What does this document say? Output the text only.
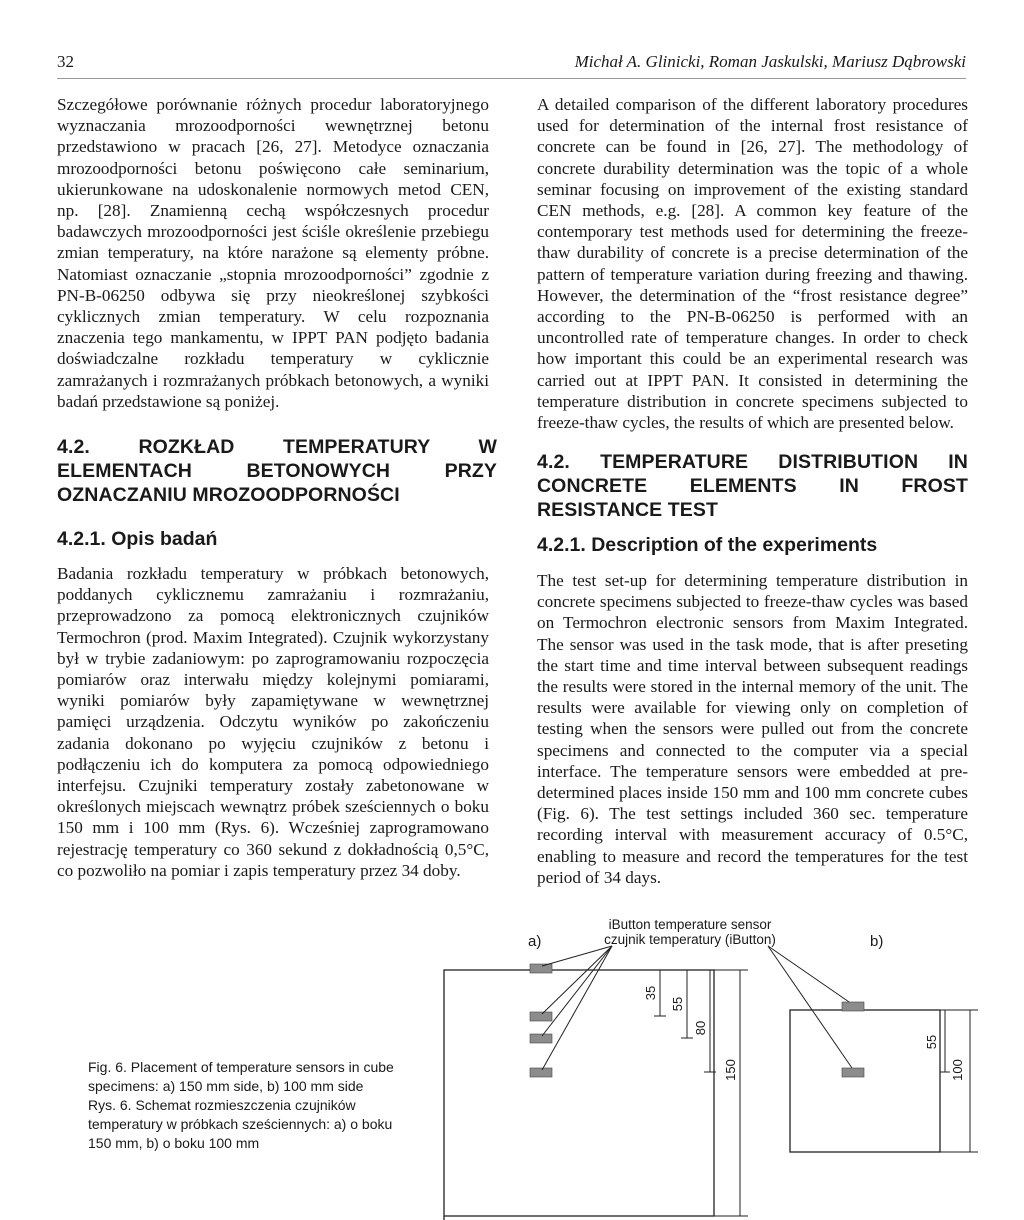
32	Michał A. Glinicki, Roman Jaskulski, Mariusz Dąbrowski

Szczegółowe porównanie różnych procedur laboratoryjnego wyznaczania mrozoodporności wewnętrznej betonu przedstawiono w pracach [26, 27]. Metodyce oznaczania mrozoodporności betonu poświęcono całe seminarium, ukierunkowane na udoskonalenie normowych metod CEN, np. [28]. Znamienną cechą współczesnych procedur badawczych mrozoodporności jest ściśle określenie przebiegu zmian temperatury, na które narażone są elementy próbne. Natomiast oznaczanie „stopnia mrozoodporności” zgodnie z PN-B-06250 odbywa się przy nieokreślonej szybkości cyklicznych zmian temperatury. W celu rozpoznania znaczenia tego mankamentu, w IPPT PAN podjęto badania doświadczalne rozkładu temperatury w cyklicznie zamrażanych i rozmrażanych próbkach betonowych, a wyniki badań przedstawione są poniżej.

4.2. ROZKŁAD TEMPERATURY W ELEMENTACH BETONOWYCH PRZY OZNACZANIU MROZOODPORNOŚCI
4.2.1. Opis badań

Badania rozkładu temperatury w próbkach betonowych, poddanych cyklicznemu zamrażaniu i rozmrażaniu, przeprowadzono za pomocą elektronicznych czujników Termochron (prod. Maxim Integrated). Czujnik wykorzystany był w trybie zadaniowym: po zaprogramowaniu rozpoczęcia pomiarów oraz interwału między kolejnymi pomiarami, wyniki pomiarów były zapamiętywane w wewnętrznej pamięci urządzenia. Odczytu wyników po zakończeniu zadania dokonano po wyjęciu czujników z betonu i podłączeniu ich do komputera za pomocą odpowiedniego interfejsu. Czujniki temperatury zostały zabetonowane w określonych miejscach wewnątrz próbek sześciennych o boku 150 mm i 100 mm (Rys. 6). Wcześniej zaprogramowano rejestrację temperatury co 360 sekund z dokładnością 0,5°C, co pozwoliło na pomiar i zapis temperatury przez 34 doby.

A detailed comparison of the different laboratory procedures used for determination of the internal frost resistance of concrete can be found in [26, 27]. The methodology of concrete durability determination was the topic of a whole seminar focusing on improvement of the existing standard CEN methods, e.g. [28]. A common key feature of the contemporary test methods used for determining the freeze-thaw durability of concrete is a precise determination of the pattern of temperature variation during freezing and thawing. However, the determination of the “frost resistance degree” according to the PN-B-06250 is performed with an uncontrolled rate of temperature changes. In order to check how important this could be an experimental research was carried out at IPPT PAN. It consisted in determining the temperature distribution in concrete specimens subjected to freeze-thaw cycles, the results of which are presented below.

4.2. TEMPERATURE DISTRIBUTION IN CONCRETE ELEMENTS IN FROST RESISTANCE TEST
4.2.1. Description of the experiments

The test set-up for determining temperature distribution in concrete specimens subjected to freeze-thaw cycles was based on Termochron electronic sensors from Maxim Integrated. The sensor was used in the task mode, that is after preseting the start time and time interval between subsequent readings the results were stored in the internal memory of the unit. The results were available for viewing only on completion of testing when the sensors were pulled out from the concrete specimens and connected to the computer via a special interface. The temperature sensors were embedded at pre-determined places inside 150 mm and 100 mm concrete cubes (Fig. 6). The test settings included 360 sec. temperature recording interval with measurement accuracy of 0.5°C, enabling to measure and record the temperatures for the test period of 34 days.

iButton temperature sensor
czujnik temperatury (iButton)
a)	b)
35
55
80
150
55
100
Fig. 6. Placement of temperature sensors in cube
specimens: a) 150 mm side, b) 100 mm side
Rys. 6. Schemat rozmieszczenia czujników
temperatury w próbkach sześciennych: a) o boku
150 mm, b) o boku 100 mm
